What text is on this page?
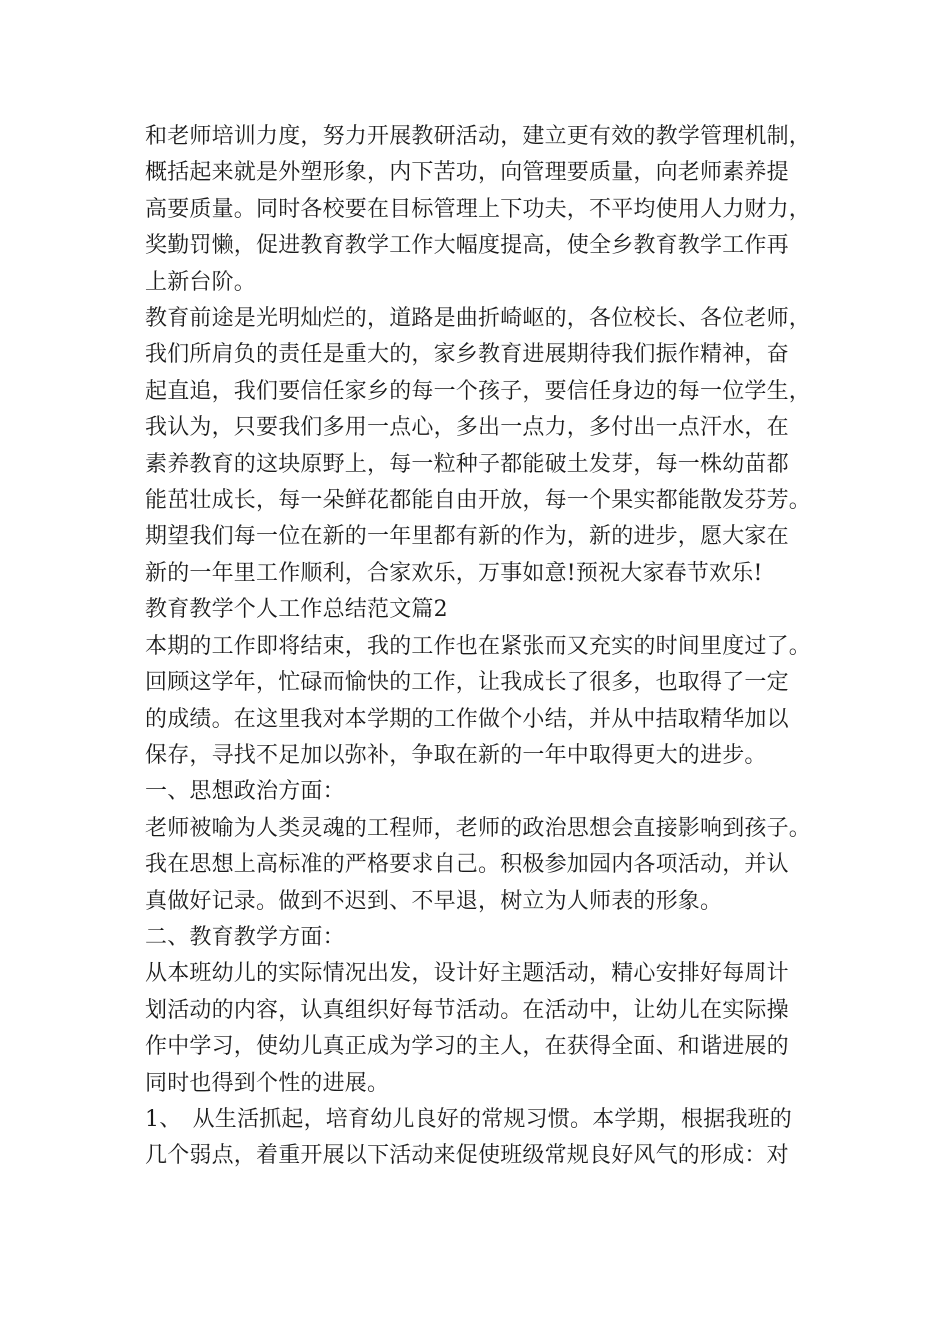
和老师培训力度，努力开展教研活动，建立更有效的教学管理机制，
概括起来就是外塑形象，内下苦功，向管理要质量，向老师素养提
高要质量。同时各校要在目标管理上下功夫，不平均使用人力财力，
奖勤罚懒，促进教育教学工作大幅度提高，使全乡教育教学工作再
上新台阶。
教育前途是光明灿烂的，道路是曲折崎岖的，各位校长、各位老师，
我们所肩负的责任是重大的，家乡教育进展期待我们振作精神，奋
起直追，我们要信任家乡的每一个孩子，要信任身边的每一位学生，
我认为，只要我们多用一点心，多出一点力，多付出一点汗水，在
素养教育的这块原野上，每一粒种子都能破土发芽，每一株幼苗都
能茁壮成长，每一朵鲜花都能自由开放，每一个果实都能散发芬芳。
期望我们每一位在新的一年里都有新的作为，新的进步，愿大家在
新的一年里工作顺利，合家欢乐，万事如意!预祝大家春节欢乐!
教育教学个人工作总结范文篇2
本期的工作即将结束，我的工作也在紧张而又充实的时间里度过了。
回顾这学年，忙碌而愉快的工作，让我成长了很多，也取得了一定
的成绩。在这里我对本学期的工作做个小结，并从中拮取精华加以
保存，寻找不足加以弥补，争取在新的一年中取得更大的进步。
一、思想政治方面：
老师被喻为人类灵魂的工程师，老师的政治思想会直接影响到孩子。
我在思想上高标准的严格要求自己。积极参加园内各项活动，并认
真做好记录。做到不迟到、不早退，树立为人师表的形象。
二、教育教学方面：
从本班幼儿的实际情况出发，设计好主题活动，精心安排好每周计
划活动的内容，认真组织好每节活动。在活动中，让幼儿在实际操
作中学习，使幼儿真正成为学习的主人，在获得全面、和谐进展的
同时也得到个性的进展。
1、　从生活抓起，培育幼儿良好的常规习惯。本学期，根据我班的
几个弱点，着重开展以下活动来促使班级常规良好风气的形成：对
